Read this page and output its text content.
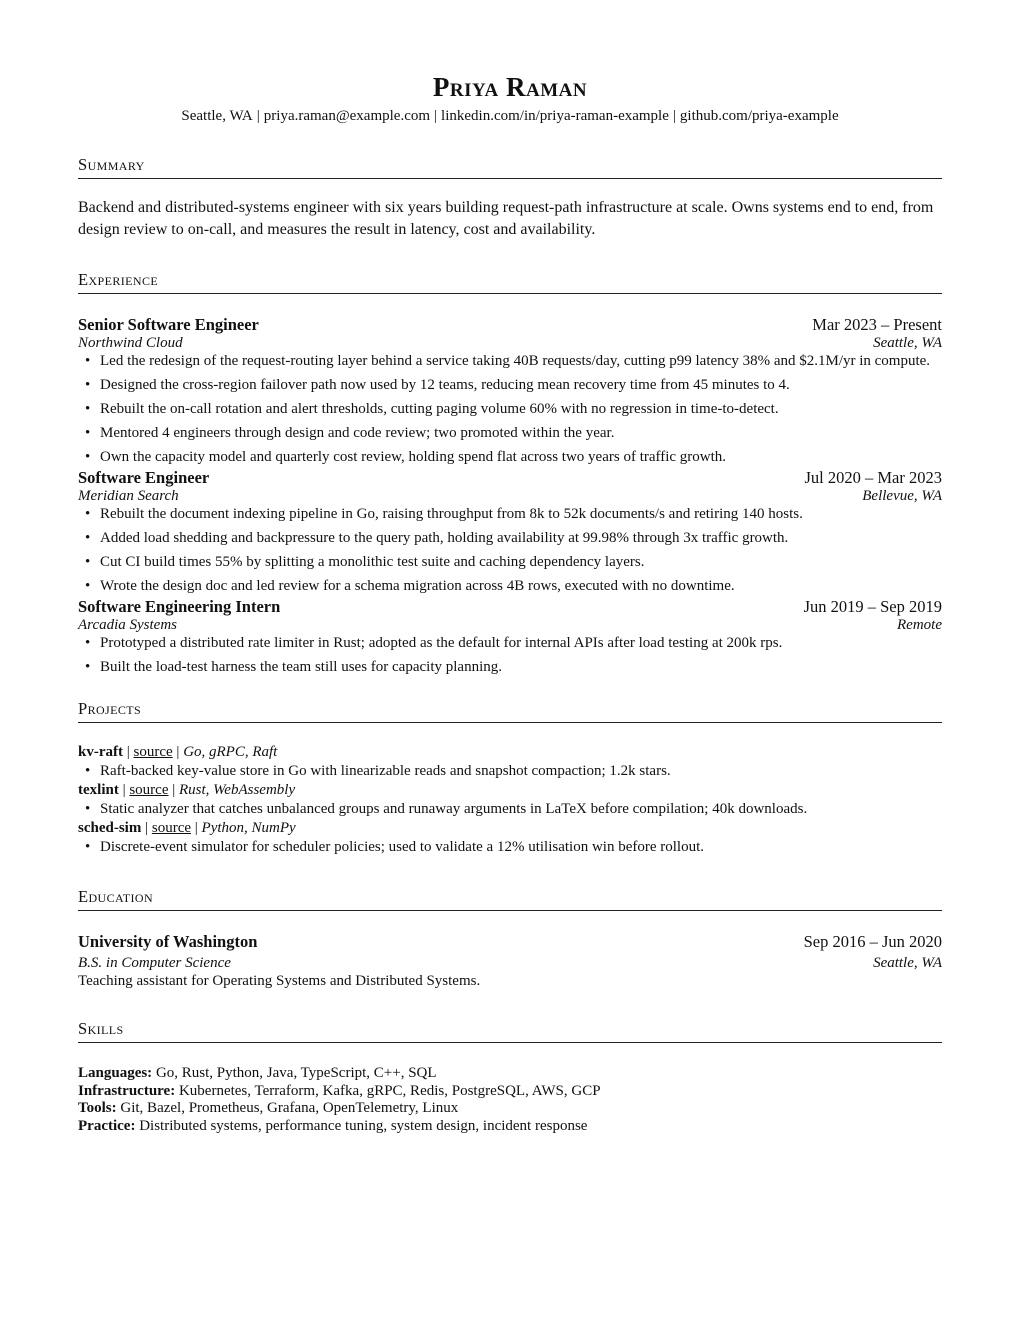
Priya Raman
Seattle, WA | priya.raman@example.com | linkedin.com/in/priya-raman-example | github.com/priya-example
Summary
Backend and distributed-systems engineer with six years building request-path infrastructure at scale. Owns systems end to end, from design review to on-call, and measures the result in latency, cost and availability.
Experience
Senior Software Engineer	Mar 2023 – Present
Northwind Cloud	Seattle, WA
• Led the redesign of the request-routing layer behind a service taking 40B requests/day, cutting p99 latency 38% and $2.1M/yr in compute.
• Designed the cross-region failover path now used by 12 teams, reducing mean recovery time from 45 minutes to 4.
• Rebuilt the on-call rotation and alert thresholds, cutting paging volume 60% with no regression in time-to-detect.
• Mentored 4 engineers through design and code review; two promoted within the year.
• Own the capacity model and quarterly cost review, holding spend flat across two years of traffic growth.
Software Engineer	Jul 2020 – Mar 2023
Meridian Search	Bellevue, WA
• Rebuilt the document indexing pipeline in Go, raising throughput from 8k to 52k documents/s and retiring 140 hosts.
• Added load shedding and backpressure to the query path, holding availability at 99.98% through 3x traffic growth.
• Cut CI build times 55% by splitting a monolithic test suite and caching dependency layers.
• Wrote the design doc and led review for a schema migration across 4B rows, executed with no downtime.
Software Engineering Intern	Jun 2019 – Sep 2019
Arcadia Systems	Remote
• Prototyped a distributed rate limiter in Rust; adopted as the default for internal APIs after load testing at 200k rps.
• Built the load-test harness the team still uses for capacity planning.
Projects
kv-raft | source | Go, gRPC, Raft
• Raft-backed key-value store in Go with linearizable reads and snapshot compaction; 1.2k stars.
texlint | source | Rust, WebAssembly
• Static analyzer that catches unbalanced groups and runaway arguments in LaTeX before compilation; 40k downloads.
sched-sim | source | Python, NumPy
• Discrete-event simulator for scheduler policies; used to validate a 12% utilisation win before rollout.
Education
University of Washington	Sep 2016 – Jun 2020
B.S. in Computer Science	Seattle, WA
Teaching assistant for Operating Systems and Distributed Systems.
Skills
Languages: Go, Rust, Python, Java, TypeScript, C++, SQL
Infrastructure: Kubernetes, Terraform, Kafka, gRPC, Redis, PostgreSQL, AWS, GCP
Tools: Git, Bazel, Prometheus, Grafana, OpenTelemetry, Linux
Practice: Distributed systems, performance tuning, system design, incident response
